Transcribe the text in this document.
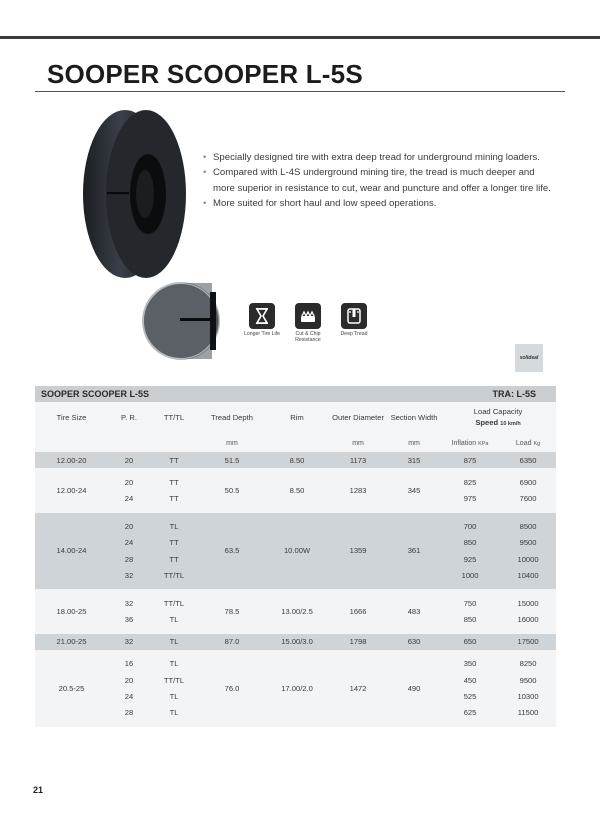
SOOPER SCOOPER L-5S
• Specially designed tire with extra deep tread for underground mining loaders.
• Compared with L-4S underground mining tire, the tread is much deeper and more superior in resistance to cut, wear and puncture and offer a longer tire life.
• More suited for short haul and low speed operations.
Longer Tire Life	Cut & Chip Resistance
Deep Tread
solideal
SOOPER SCOOPER L-5S					TRA: L-5S			
Tire Size	P. R.	TT/TL	Tread Depth	Rim	Outer Diameter	Section Width	Load Capacity
Speed 10 km/h	

			mm		mm	mm	Inflation KPa	Load Kg
12.00-20	20	TT	51.5	8.50	1173	315	875	6350

12.00-24	20	TT	50.5	8.50	1283	345	825	6900
	24	TT					975	7600

14.00-24	20	TL	63.5	10.00W	1359	361	700	8500
	24	TT					850	9500
	28	TT					925	10000
	32	TT/TL					1000	10400

18.00-25	32	TT/TL	78.5	13.00/2.5	1666	483	750	15000
	36	TL					850	16000

21.00-25	32	TL	87.0	15.00/3.0	1798	630	650	17500

20.5-25	16	TL	76.0	17.00/2.0	1472	490	350	8250
	20	TT/TL					450	9500
	24	TL					525	10300
	28	TL					625	11500

21
